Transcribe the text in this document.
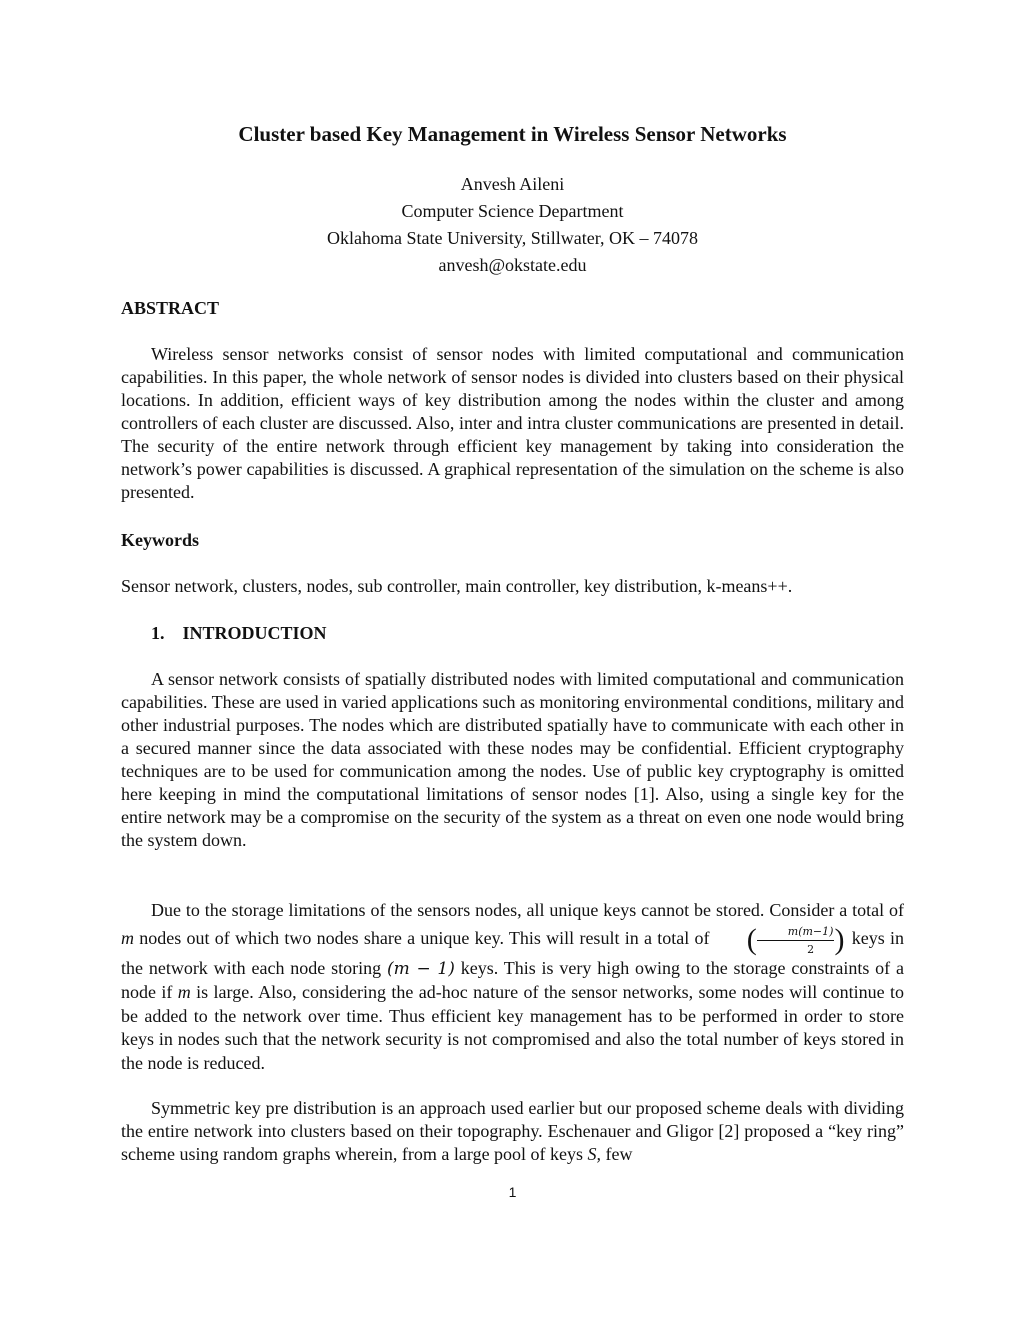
Cluster based Key Management in Wireless Sensor Networks
Anvesh Aileni
Computer Science Department
Oklahoma State University, Stillwater, OK – 74078
anvesh@okstate.edu
ABSTRACT

Wireless sensor networks consist of sensor nodes with limited computational and communication capabilities. In this paper, the whole network of sensor nodes is divided into clusters based on their physical locations. In addition, efficient ways of key distribution among the nodes within the cluster and among controllers of each cluster are discussed. Also, inter and intra cluster communications are presented in detail. The security of the entire network through efficient key management by taking into consideration the network’s power capabilities is discussed. A graphical representation of the simulation on the scheme is also presented.

Keywords

Sensor network, clusters, nodes, sub controller, main controller, key distribution, k-means++.

1. INTRODUCTION

A sensor network consists of spatially distributed nodes with limited computational and communication capabilities. These are used in varied applications such as monitoring environmental conditions, military and other industrial purposes. The nodes which are distributed spatially have to communicate with each other in a secured manner since the data associated with these nodes may be confidential. Efficient cryptography techniques are to be used for communication among the nodes. Use of public key cryptography is omitted here keeping in mind the computational limitations of sensor nodes [1]. Also, using a single key for the entire network may be a compromise on the security of the system as a threat on even one node would bring the system down.

Due to the storage limitations of the sensors nodes, all unique keys cannot be stored. Consider a total of m nodes out of which two nodes share a unique key. This will result in a total of ( $\frac{m(m-1)}{2}$ ) keys in the network with each node storing (m − 1) keys. This is very high owing to the storage constraints of a node if m is large. Also, considering the ad-hoc nature of the sensor networks, some nodes will continue to be added to the network over time. Thus efficient key management has to be performed in order to store keys in nodes such that the network security is not compromised and also the total number of keys stored in the node is reduced.

Symmetric key pre distribution is an approach used earlier but our proposed scheme deals with dividing the entire network into clusters based on their topography. Eschenauer and Gligor [2] proposed a “key ring” scheme using random graphs wherein, from a large pool of keys S, few

1
